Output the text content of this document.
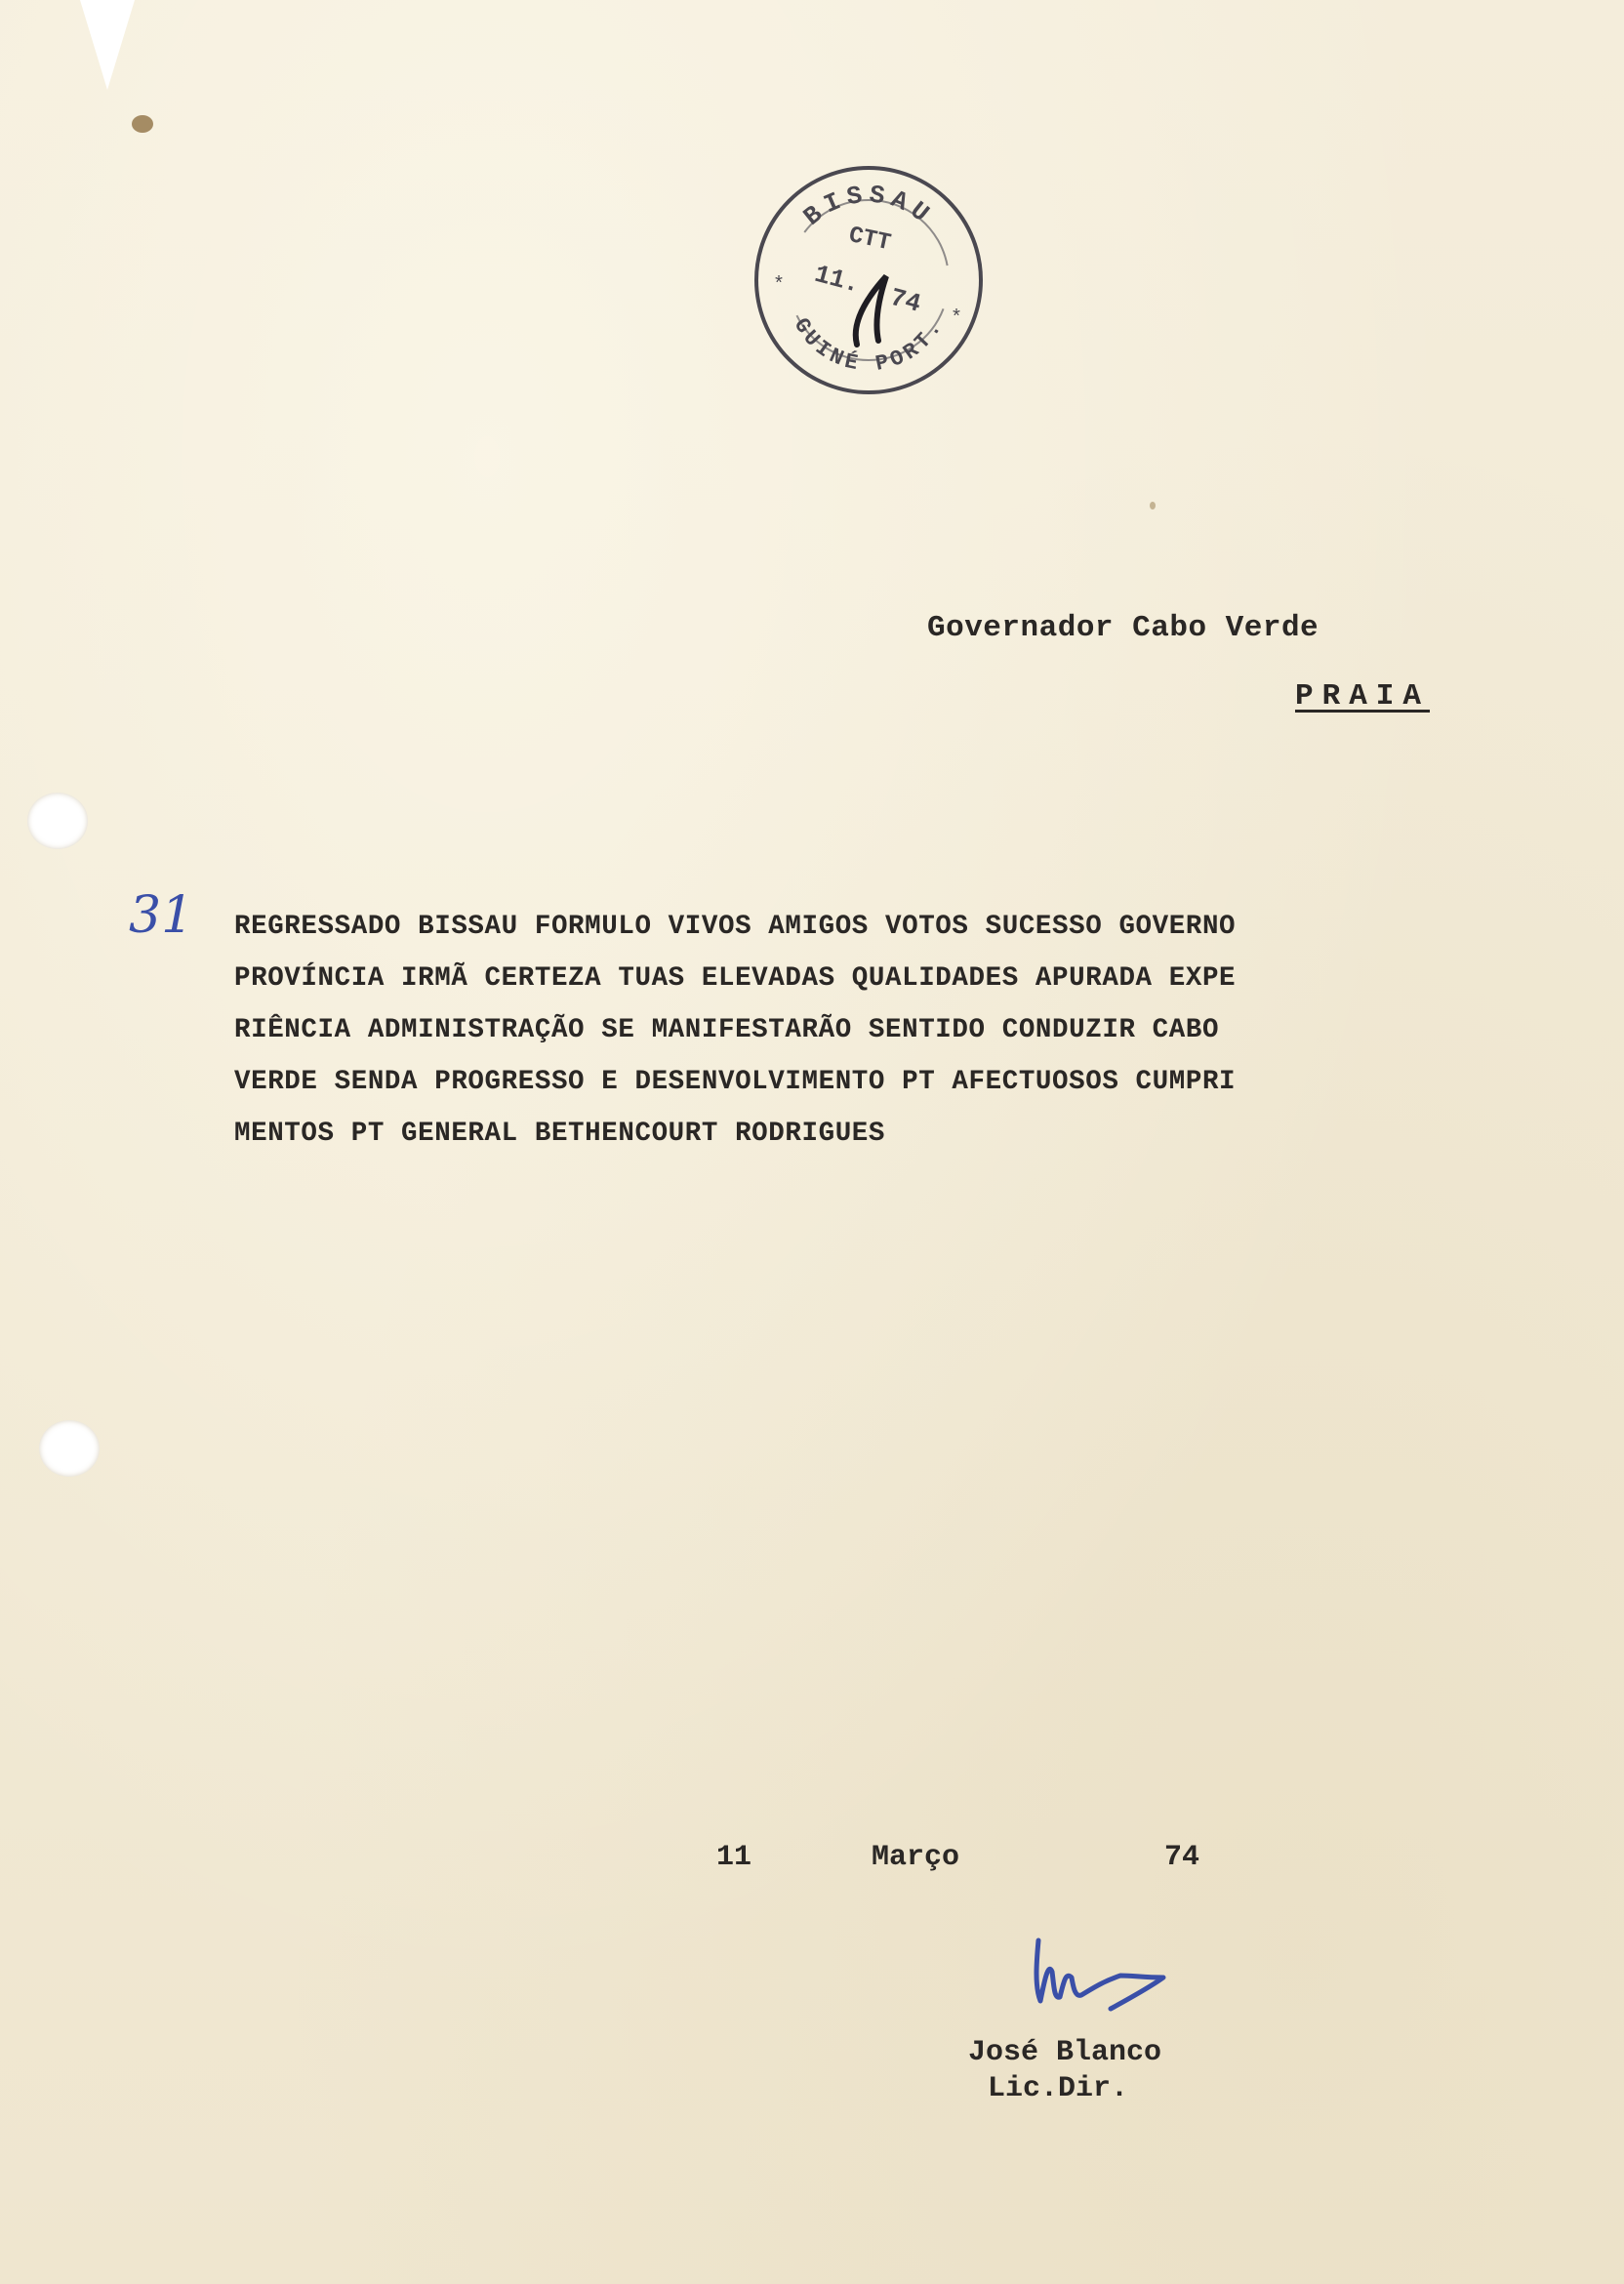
BISSAU
GUINÉ PORT.
CTT
11.
74
*
*
Governador Cabo Verde
PRAIA
31 REGRESSADO BISSAU FORMULO VIVOS AMIGOS VOTOS SUCESSO GOVERNO
PROVÍNCIA IRMÃ CERTEZA TUAS ELEVADAS QUALIDADES APURADA EXPE
RIÊNCIA ADMINISTRAÇÃO SE MANIFESTARÃO SENTIDO CONDUZIR CABO
VERDE SENDA PROGRESSO E DESENVOLVIMENTO PT AFECTUOSOS CUMPRI
MENTOS PT GENERAL BETHENCOURT RODRIGUES
11	Março	74
José Blanco
Lic.Dir.
